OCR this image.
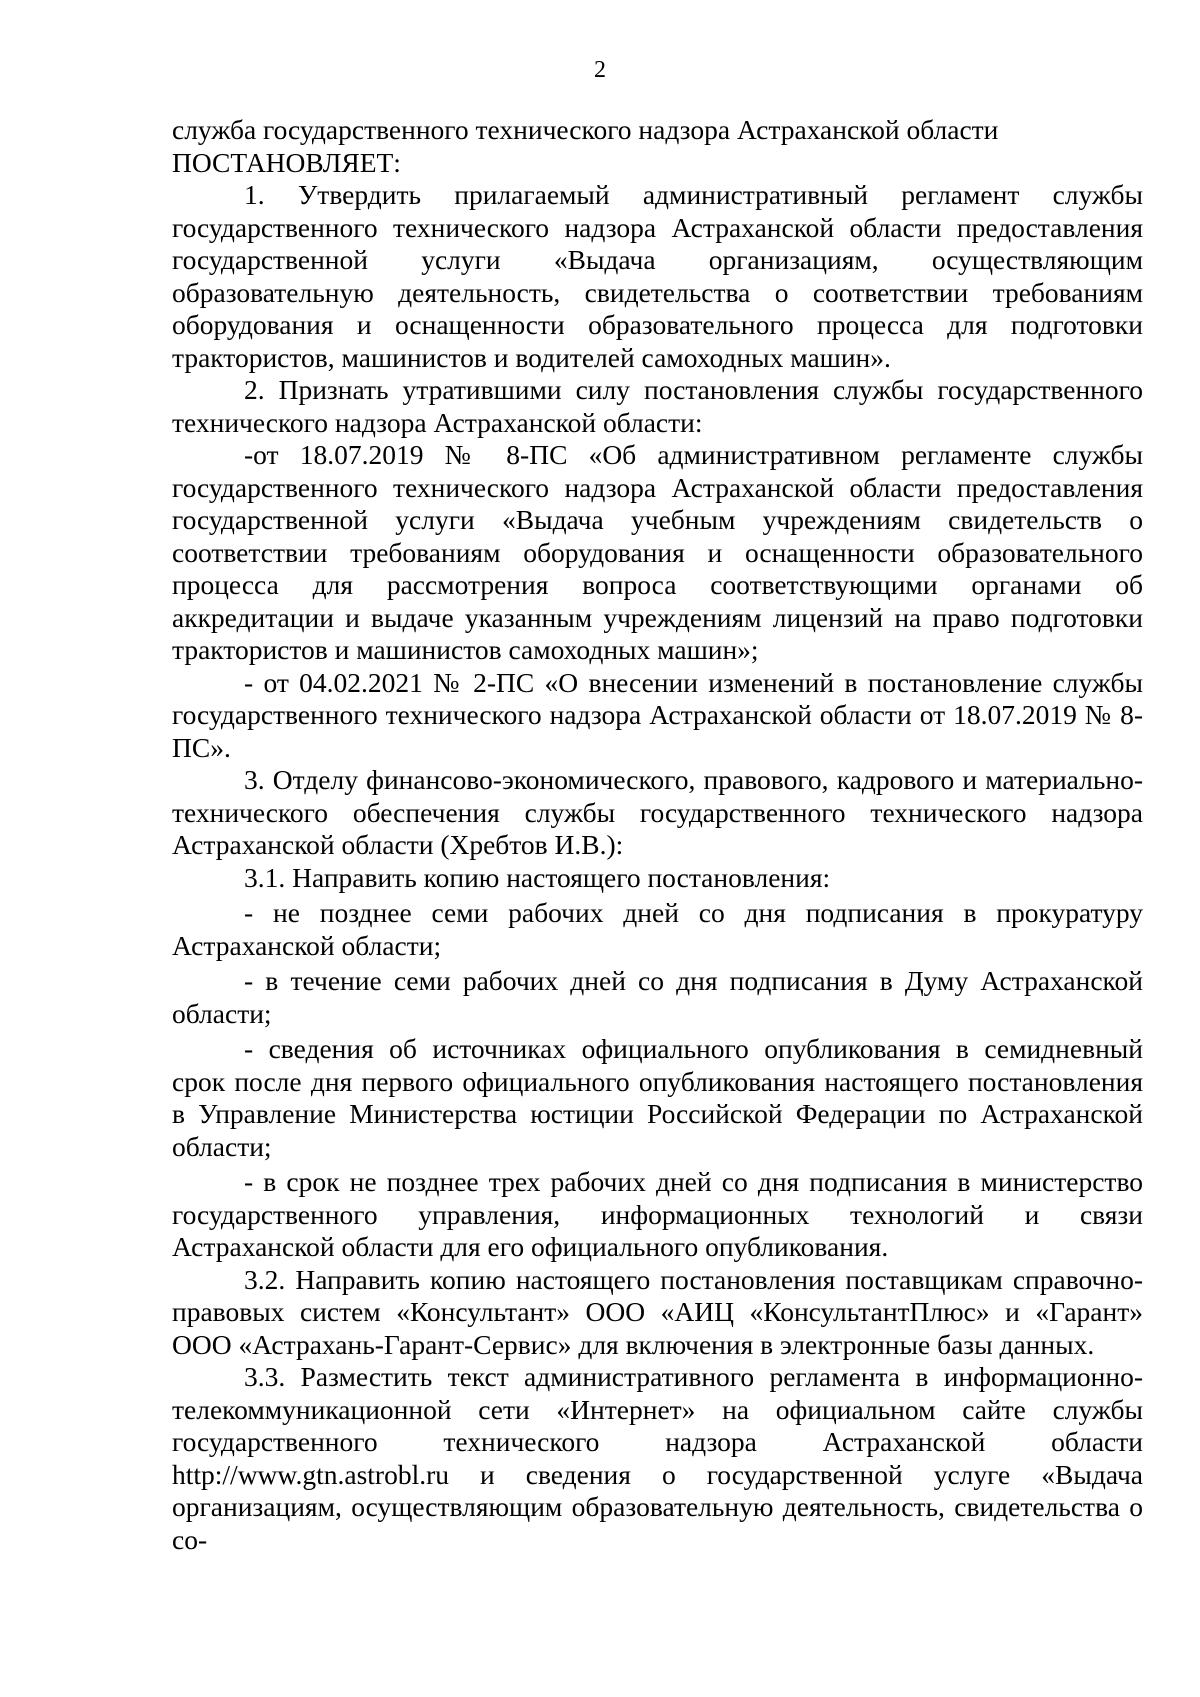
2

служба государственного технического надзора Астраханской области

ПОСТАНОВЛЯЕТ:

1. Утвердить прилагаемый административный регламент службы государственного технического надзора Астраханской области предоставления государственной услуги «Выдача организациям, осуществляющим образовательную деятельность, свидетельства о соответствии требованиям оборудования и оснащенности образовательного процесса для подготовки трактористов, машинистов и водителей самоходных машин».

2. Признать утратившими силу постановления службы государственного технического надзора Астраханской области:

-от 18.07.2019 № 8-ПС «Об административном регламенте службы государственного технического надзора Астраханской области предоставления государственной услуги «Выдача учебным учреждениям свидетельств о соответствии требованиям оборудования и оснащенности образовательного процесса для рассмотрения вопроса соответствующими органами об аккредитации и выдаче указанным учреждениям лицензий на право подготовки трактористов и машинистов самоходных машин»;

- от 04.02.2021 № 2-ПС «О внесении изменений в постановление службы государственного технического надзора Астраханской области от 18.07.2019 № 8-ПС».

3. Отделу финансово-экономического, правового, кадрового и материально-технического обеспечения службы государственного технического надзора Астраханской области (Хребтов И.В.):

3.1. Направить копию настоящего постановления:

- не позднее семи рабочих дней со дня подписания в прокуратуру Астраханской области;

- в течение семи рабочих дней со дня подписания в Думу Астраханской области;

- сведения об источниках официального опубликования в семидневный срок после дня первого официального опубликования настоящего постановления в Управление Министерства юстиции Российской Федерации по Астраханской области;

- в срок не позднее трех рабочих дней со дня подписания в министерство государственного управления, информационных технологий и связи Астраханской области для его официального опубликования.

3.2. Направить копию настоящего постановления поставщикам справочно-правовых систем «Консультант» ООО «АИЦ «КонсультантПлюс» и «Гарант» ООО «Астрахань-Гарант-Сервис» для включения в электронные базы данных.

3.3. Разместить текст административного регламента в информационно-телекоммуникационной сети «Интернет» на официальном сайте службы государственного технического надзора Астраханской области http://www.gtn.astrobl.ru и сведения о государственной услуге «Выдача организациям, осуществляющим образовательную деятельность, свидетельства о со-
